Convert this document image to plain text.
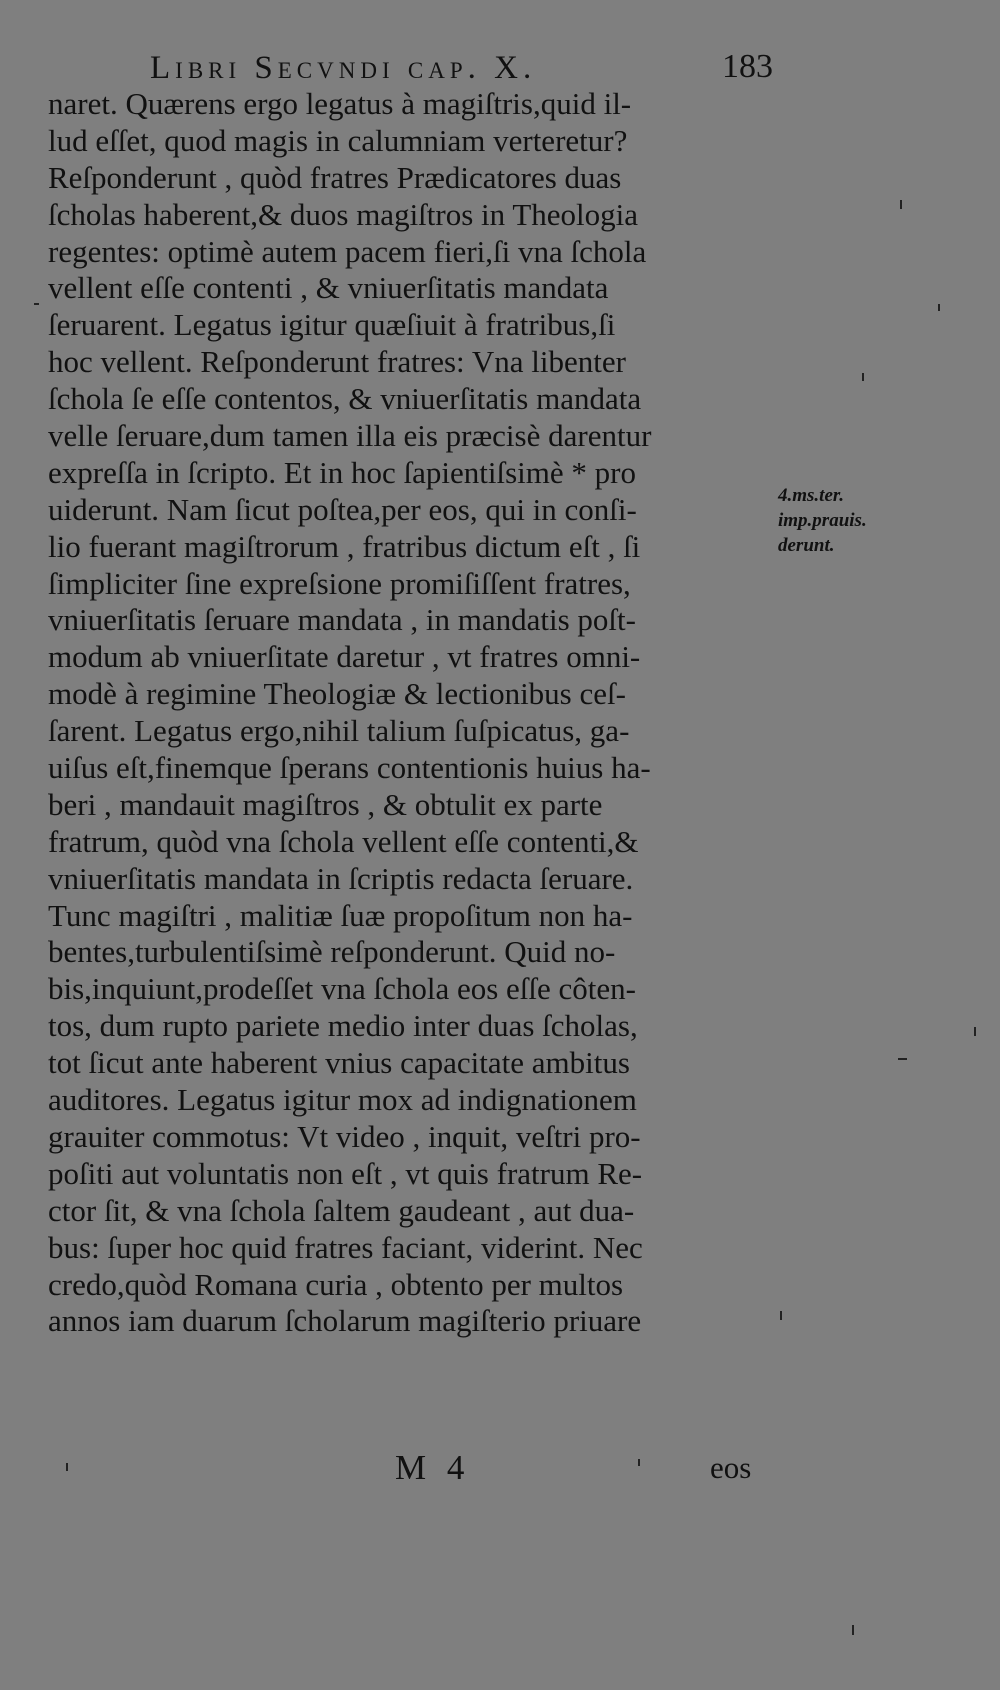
Libri Secvndi cap. X.	183
naret. Quærens ergo legatus à magiſtris,quid il-
lud eſſet, quod magis in calumniam verteretur?
Reſponderunt , quòd fratres Prædicatores duas
ſcholas haberent,& duos magiſtros in Theologia
regentes: optimè autem pacem fieri,ſi vna ſchola
vellent eſſe contenti , & vniuerſitatis mandata
ſeruarent. Legatus igitur quæſiuit à fratribus,ſi
hoc vellent. Reſponderunt fratres: Vna libenter
ſchola ſe eſſe contentos, & vniuerſitatis mandata
velle ſeruare,dum tamen illa eis præcisè darentur
expreſſa in ſcripto. Et in hoc ſapientiſsimè * pro
uiderunt. Nam ſicut poſtea,per eos, qui in conſi-
lio fuerant magiſtrorum , fratribus dictum eſt , ſi
ſimpliciter ſine expreſsione promiſiſſent fratres,
vniuerſitatis ſeruare mandata , in mandatis poſt-
modum ab vniuerſitate daretur , vt fratres omni-
modè à regimine Theologiæ & lectionibus ceſ-
ſarent. Legatus ergo,nihil talium ſuſpicatus, ga-
uiſus eſt,finemque ſperans contentionis huius ha-
beri , mandauit magiſtros , & obtulit ex parte
fratrum, quòd vna ſchola vellent eſſe contenti,&
vniuerſitatis mandata in ſcriptis redacta ſeruare.
Tunc magiſtri , malitiæ ſuæ propoſitum non ha-
bentes,turbulentiſsimè reſponderunt. Quid no-
bis,inquiunt,prodeſſet vna ſchola eos eſſe côten-
tos, dum rupto pariete medio inter duas ſcholas,
tot ſicut ante haberent vnius capacitate ambitus
auditores. Legatus igitur mox ad indignationem
grauiter commotus: Vt video , inquit, veſtri pro-
poſiti aut voluntatis non eſt , vt quis fratrum Re-
ctor ſit, & vna ſchola ſaltem gaudeant , aut dua-
bus: ſuper hoc quid fratres faciant, viderint. Nec
credo,quòd Romana curia , obtento per multos
annos iam duarum ſcholarum magiſterio priuare
4.ms.ter.
imp.prauis.
derunt.
M 4	eos
